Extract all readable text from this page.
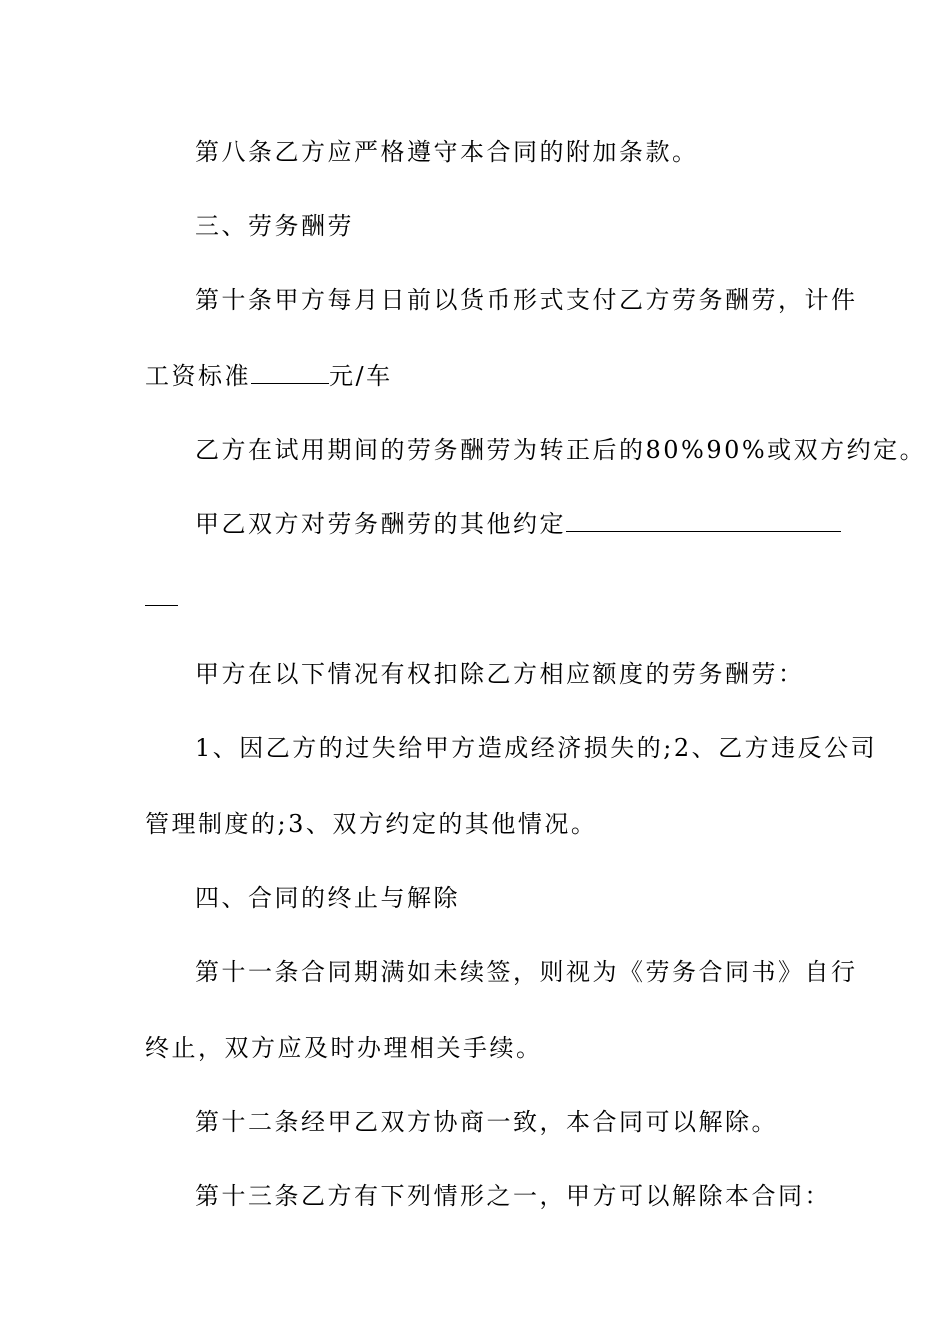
第八条乙方应严格遵守本合同的附加条款。
三、劳务酬劳
第十条甲方每月日前以货币形式支付乙方劳务酬劳，计件
工资标准	元/车
乙方在试用期间的劳务酬劳为转正后的80%90%或双方约定。
甲乙双方对劳务酬劳的其他约定
甲方在以下情况有权扣除乙方相应额度的劳务酬劳：
1、因乙方的过失给甲方造成经济损失的;2、乙方违反公司
管理制度的;3、双方约定的其他情况。
四、合同的终止与解除
第十一条合同期满如未续签，则视为《劳务合同书》自行
终止，双方应及时办理相关手续。
第十二条经甲乙双方协商一致，本合同可以解除。
第十三条乙方有下列情形之一，甲方可以解除本合同：
